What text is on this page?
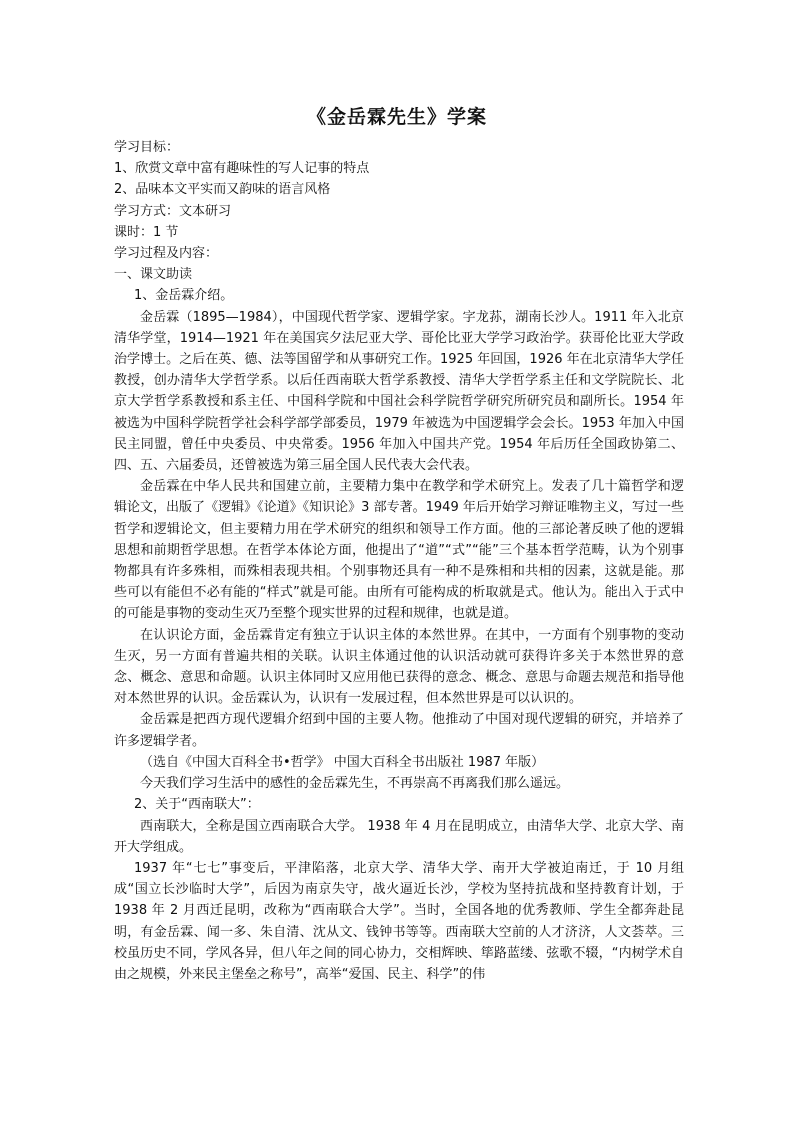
《金岳霖先生》学案

学习目标：

1、欣赏文章中富有趣味性的写人记事的特点

2、品味本文平实而又韵味的语言风格

学习方式：文本研习

课时：1 节

学习过程及内容：

一、课文助读

1、金岳霖介绍。

金岳霖（1895—1984），中国现代哲学家、逻辑学家。字龙荪，湖南长沙人。1911 年入北京清华学堂，1914—1921 年在美国宾夕法尼亚大学、哥伦比亚大学学习政治学。获哥伦比亚大学政治学博士。之后在英、德、法等国留学和从事研究工作。1925 年回国，1926 年在北京清华大学任教授，创办清华大学哲学系。以后任西南联大哲学系教授、清华大学哲学系主任和文学院院长、北京大学哲学系教授和系主任、中国科学院和中国社会科学院哲学研究所研究员和副所长。1954 年被选为中国科学院哲学社会科学部学部委员，1979 年被选为中国逻辑学会会长。1953 年加入中国民主同盟，曾任中央委员、中央常委。1956 年加入中国共产党。1954 年后历任全国政协第二、四、五、六届委员，还曾被选为第三届全国人民代表大会代表。

金岳霖在中华人民共和国建立前，主要精力集中在教学和学术研究上。发表了几十篇哲学和逻辑论文，出版了《逻辑》《论道》《知识论》3 部专著。1949 年后开始学习辩证唯物主义，写过一些哲学和逻辑论文，但主要精力用在学术研究的组织和领导工作方面。他的三部论著反映了他的逻辑思想和前期哲学思想。在哲学本体论方面，他提出了“道”“式”“能”三个基本哲学范畴，认为个别事物都具有许多殊相，而殊相表现共相。个别事物还具有一种不是殊相和共相的因素，这就是能。那些可以有能但不必有能的“样式”就是可能。由所有可能构成的析取就是式。他认为。能出入于式中的可能是事物的变动生灭乃至整个现实世界的过程和规律，也就是道。

在认识论方面，金岳霖肯定有独立于认识主体的本然世界。在其中，一方面有个别事物的变动生灭，另一方面有普遍共相的关联。认识主体通过他的认识活动就可获得许多关于本然世界的意念、概念、意思和命题。认识主体同时又应用他已获得的意念、概念、意思与命题去规范和指导他对本然世界的认识。金岳霖认为，认识有一发展过程，但本然世界是可以认识的。

金岳霖是把西方现代逻辑介绍到中国的主要人物。他推动了中国对现代逻辑的研究，并培养了许多逻辑学者。

（选自《中国大百科全书•哲学》 中国大百科全书出版社 1987 年版）

今天我们学习生活中的感性的金岳霖先生，不再崇高不再离我们那么遥远。

2、关于“西南联大”：

西南联大，全称是国立西南联合大学。 1938 年 4 月在昆明成立，由清华大学、北京大学、南开大学组成。

1937 年“七七”事变后，平津陷落，北京大学、清华大学、南开大学被迫南迁，于 10 月组成“国立长沙临时大学”，后因为南京失守，战火逼近长沙，学校为坚持抗战和坚持教育计划，于 1938 年 2 月西迁昆明，改称为“西南联合大学”。当时，全国各地的优秀教师、学生全都奔赴昆明，有金岳霖、闻一多、朱自清、沈从文、钱钟书等等。西南联大空前的人才济济，人文荟萃。三校虽历史不同，学风各异，但八年之间的同心协力，交相辉映、筚路蓝缕、弦歌不辍，“内树学术自由之规模，外来民主堡垒之称号”，高举“爱国、民主、科学”的伟
